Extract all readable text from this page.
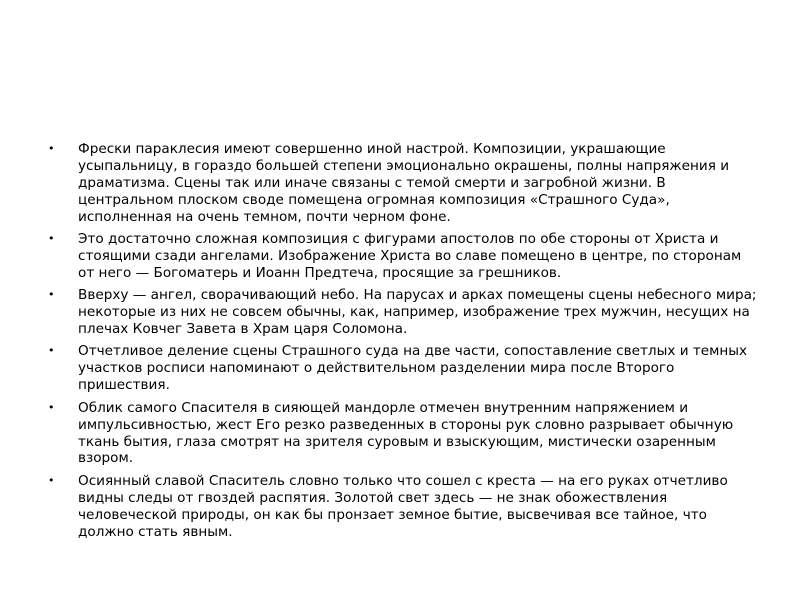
• Фрески параклесия имеют совершенно иной настрой. Композиции, украшающие усыпальницу, в гораздо большей степени эмоционально окрашены, полны напряжения и драматизма. Сцены так или иначе связаны с темой смерти и загробной жизни. В центральном плоском своде помещена огромная композиция «Страшного Суда», исполненная на очень темном, почти черном фоне.
• Это достаточно сложная композиция с фигурами апостолов по обе стороны от Христа и стоящими сзади ангелами. Изображение Христа во славе помещено в центре, по сторонам от него — Богоматерь и Иоанн Предтеча, просящие за грешников.
• Вверху — ангел, сворачивающий небо. На парусах и арках помещены сцены небесного мира; некоторые из них не совсем обычны, как, например, изображение трех мужчин, несущих на плечах Ковчег Завета в Храм царя Соломона.
• Отчетливое деление сцены Страшного суда на две части, сопоставление светлых и темных участков росписи напоминают о действительном разделении мира после Второго пришествия.
• Облик самого Спасителя в сияющей мандорле отмечен внутренним напряжением и импульсивностью, жест Его резко разведенных в стороны рук словно разрывает обычную ткань бытия, глаза смотрят на зрителя суровым и взыскующим, мистически озаренным взором.
• Осиянный славой Спаситель словно только что сошел с креста — на его руках отчетливо видны следы от гвоздей распятия. Золотой свет здесь — не знак обожествления человеческой природы, он как бы пронзает земное бытие, высвечивая все тайное, что должно стать явным.
